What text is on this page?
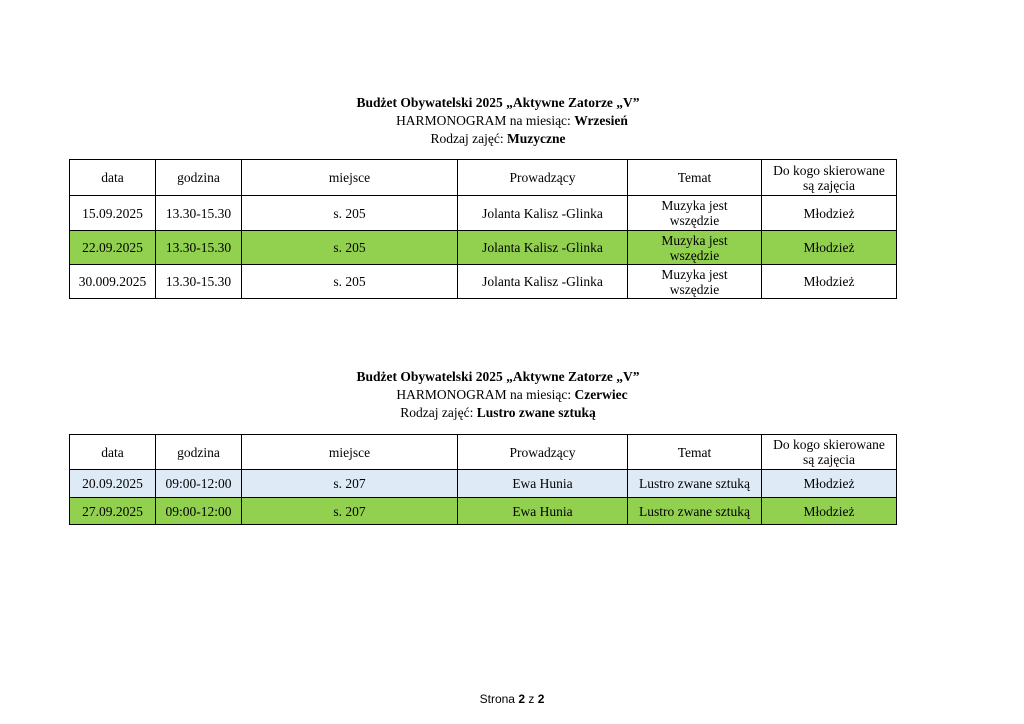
Budżet Obywatelski 2025 „Aktywne Zatorze „V”
HARMONOGRAM na miesiąc: Wrzesień
Rodzaj zajęć: Muzyczne
data	godzina	miejsce	Prowadzący	Temat	Do kogo skierowane
są zajęcia
15.09.2025	13.30-15.30	s. 205	Jolanta Kalisz -Glinka	Muzyka jest
wszędzie	Młodzież
22.09.2025	13.30-15.30	s. 205	Jolanta Kalisz -Glinka	Muzyka jest
wszędzie	Młodzież
30.009.2025	13.30-15.30	s. 205	Jolanta Kalisz -Glinka	Muzyka jest
wszędzie	Młodzież
Budżet Obywatelski 2025 „Aktywne Zatorze „V”
HARMONOGRAM na miesiąc: Czerwiec
Rodzaj zajęć: Lustro zwane sztuką
data	godzina	miejsce	Prowadzący	Temat	Do kogo skierowane
są zajęcia
20.09.2025	09:00-12:00	s. 207	Ewa Hunia	Lustro zwane sztuką	Młodzież
27.09.2025	09:00-12:00	s. 207	Ewa Hunia	Lustro zwane sztuką	Młodzież
Strona 2 z 2
